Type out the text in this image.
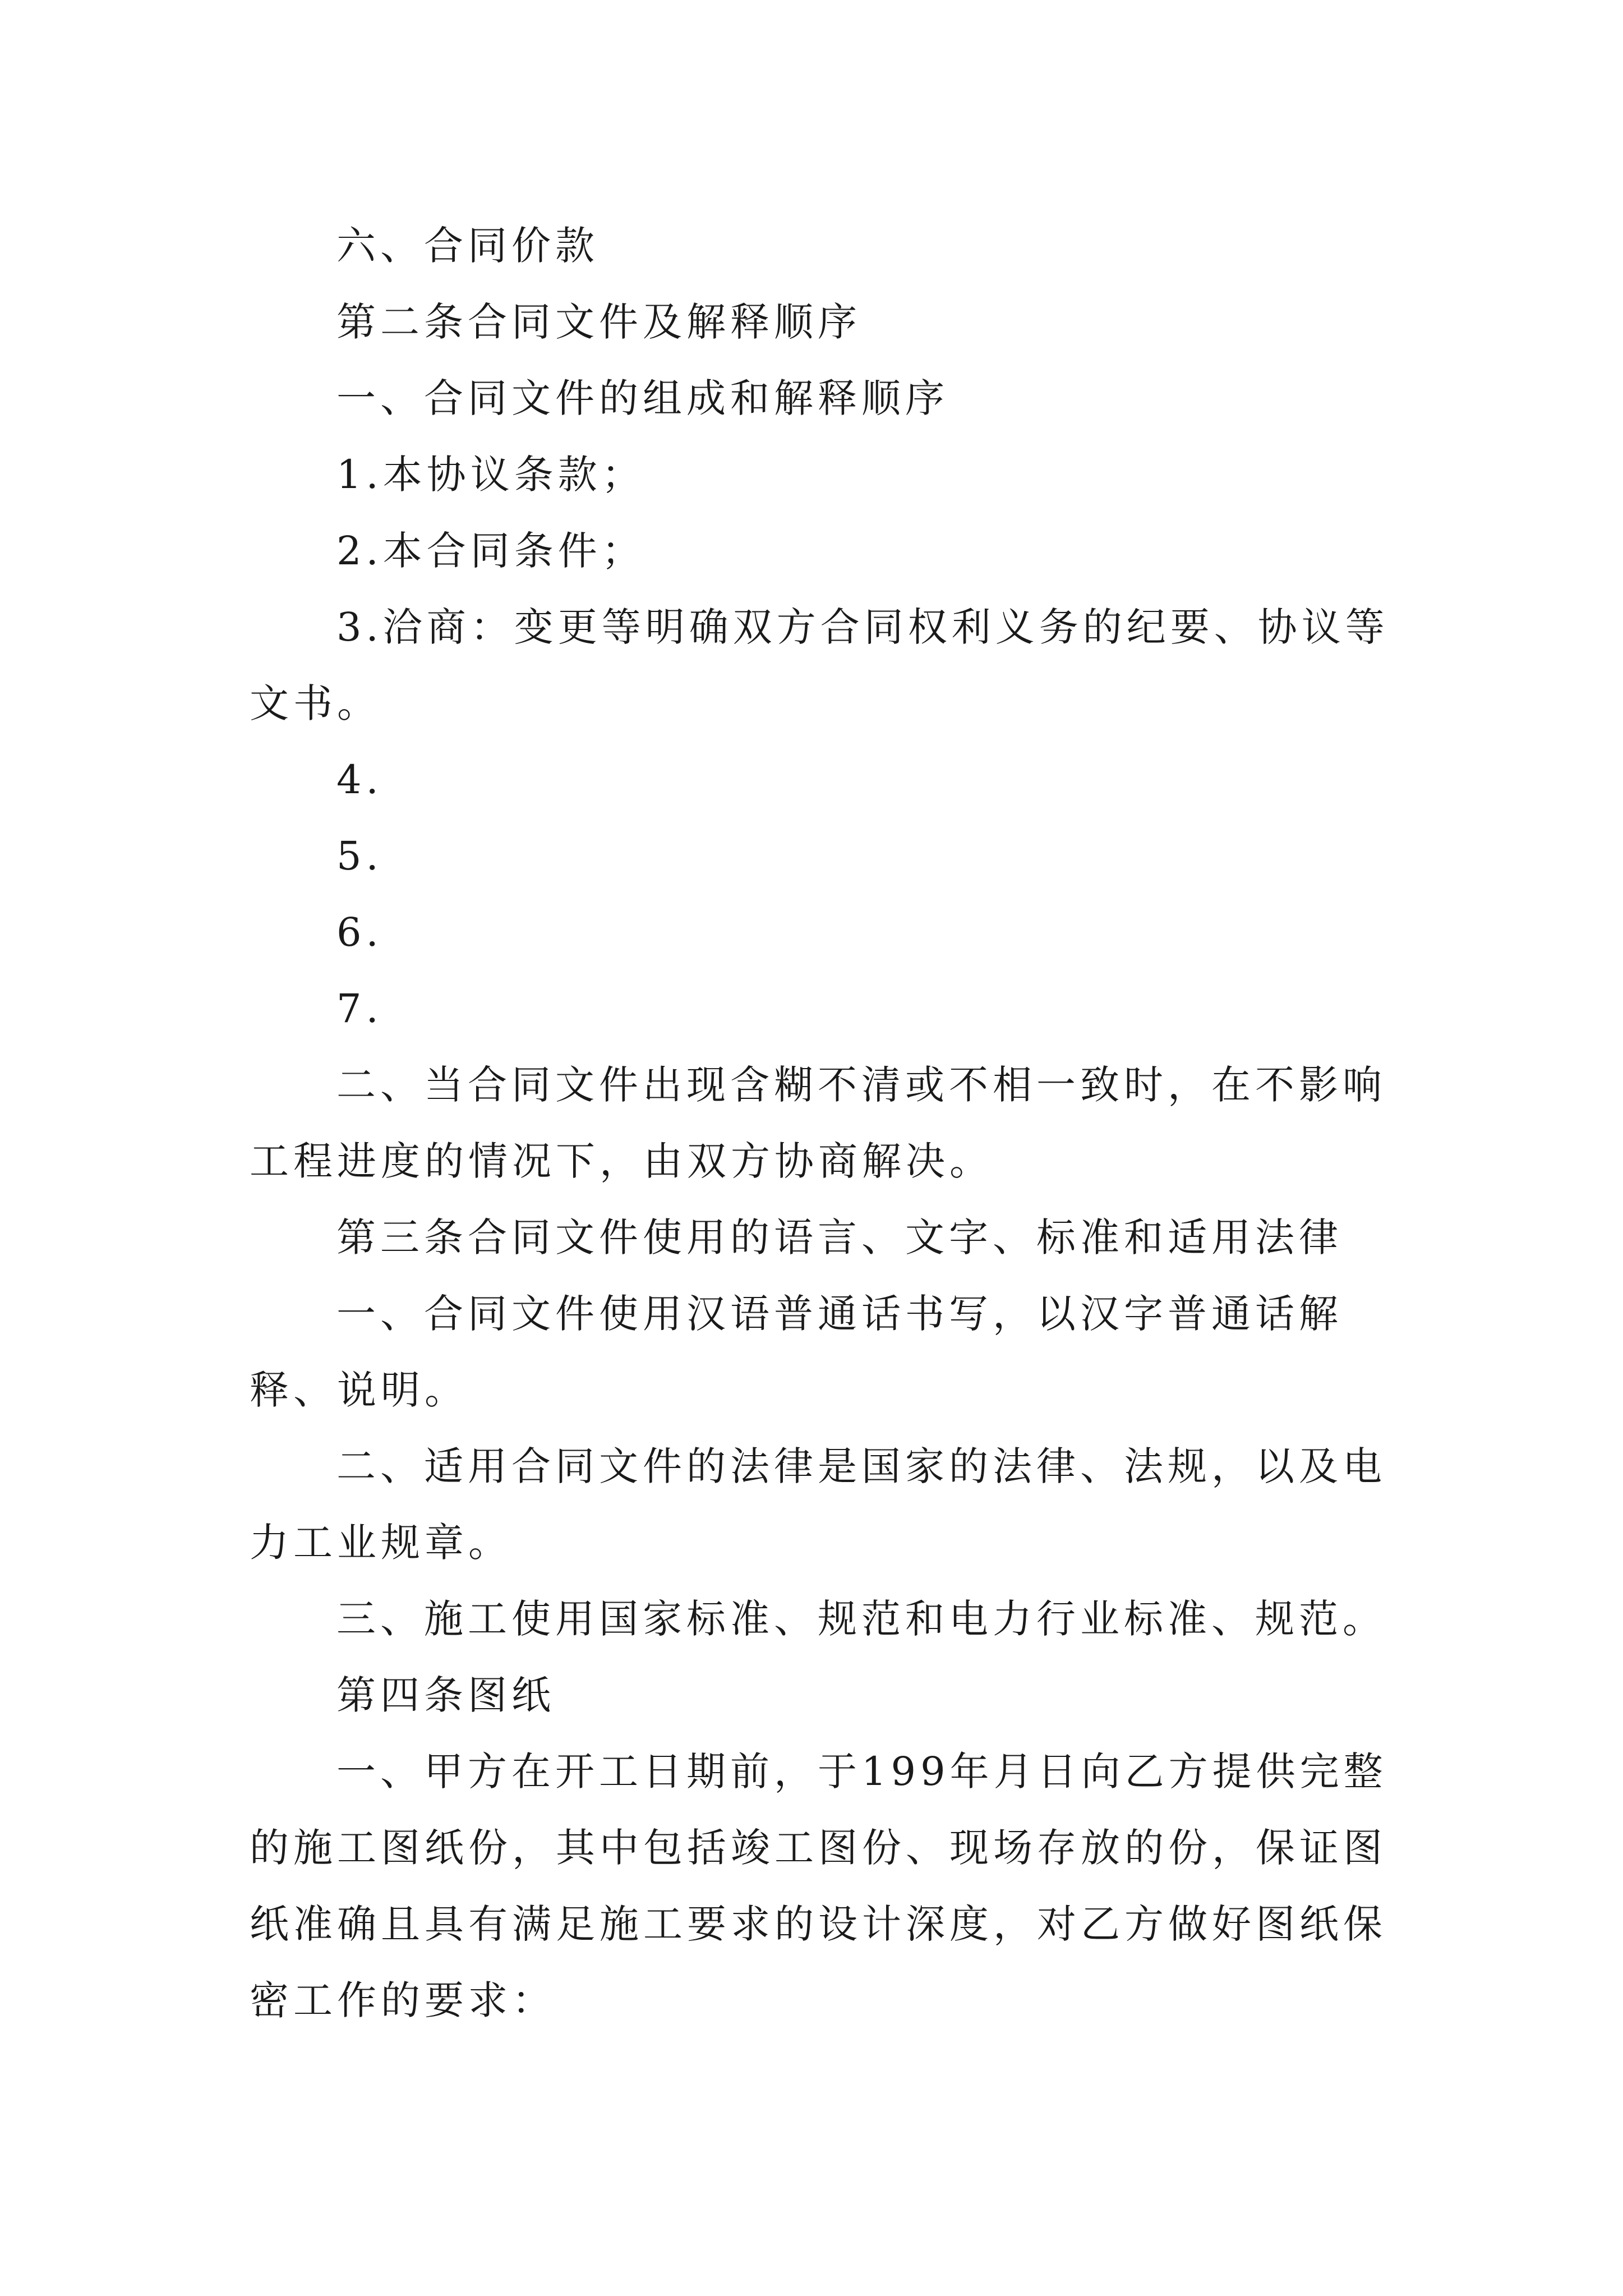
六、合同价款

第二条合同文件及解释顺序

一、合同文件的组成和解释顺序

1.本协议条款；

2.本合同条件；

3.洽商：变更等明确双方合同权利义务的纪要、协议等文书。

4.

5.

6.

7.

二、当合同文件出现含糊不清或不相一致时，在不影响工程进度的情况下，由双方协商解决。

第三条合同文件使用的语言、文字、标准和适用法律

一、合同文件使用汉语普通话书写，以汉字普通话解释、说明。

二、适用合同文件的法律是国家的法律、法规，以及电力工业规章。

三、施工使用国家标准、规范和电力行业标准、规范。

第四条图纸

一、甲方在开工日期前，于199年月日向乙方提供完整的施工图纸份，其中包括竣工图份、现场存放的份，保证图纸准确且具有满足施工要求的设计深度，对乙方做好图纸保密工作的要求：
